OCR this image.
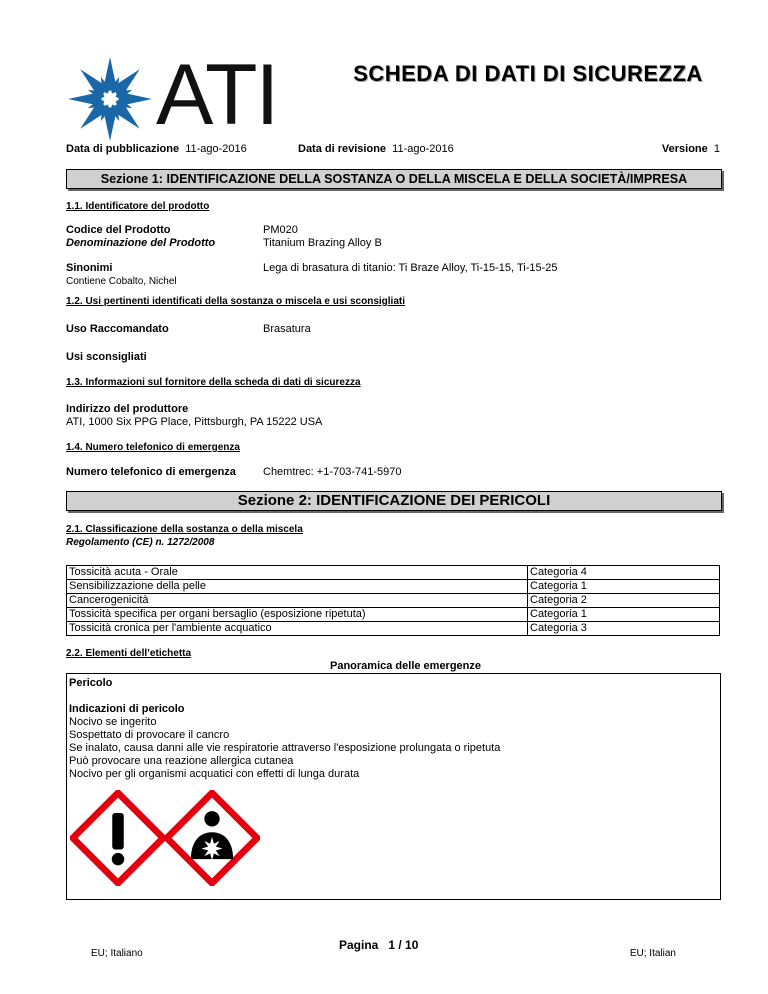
ATI	SCHEDA DI DATI DI SICUREZZA
Data di pubblicazione 11-ago-2016	Data di revisione 11-ago-2016	Versione 1
Sezione 1: IDENTIFICAZIONE DELLA SOSTANZA O DELLA MISCELA E DELLA SOCIETÀ/IMPRESA
1.1. Identificatore del prodotto
Codice del Prodotto	PM020
Denominazione del Prodotto	Titanium Brazing Alloy B
Sinonimi	Lega di brasatura di titanio: Ti Braze Alloy, Ti-15-15, Ti-15-25
Contiene Cobalto, Nichel
1.2. Usi pertinenti identificati della sostanza o miscela e usi sconsigliati
Uso Raccomandato	Brasatura
Usi sconsigliati
1.3. Informazioni sul fornitore della scheda di dati di sicurezza
Indirizzo del produttore
ATI, 1000 Six PPG Place, Pittsburgh, PA 15222 USA
1.4. Numero telefonico di emergenza
Numero telefonico di emergenza Chemtrec: +1-703-741-5970
Sezione 2: IDENTIFICAZIONE DEI PERICOLI
2.1. Classificazione della sostanza o della miscela
Regolamento (CE) n. 1272/2008
Tossicità acuta - Orale	Categoria 4
Sensibilizzazione della pelle	Categoria 1
Cancerogenicità	Categoria 2
Tossicità specifica per organi bersaglio (esposizione ripetuta)	Categoria 1
Tossicità cronica per l'ambiente acquatico	Categoria 3
2.2. Elementi dell’etichetta
Panoramica delle emergenze
Pericolo
Indicazioni di pericolo
Nocivo se ingerito
Sospettato di provocare il cancro
Se inalato, causa danni alle vie respiratorie attraverso l'esposizione prolungata o ripetuta
Può provocare una reazione allergica cutanea
Nocivo per gli organismi acquatici con effetti di lunga durata
EU; Italiano
Pagina 1 / 10
EU; Italian
